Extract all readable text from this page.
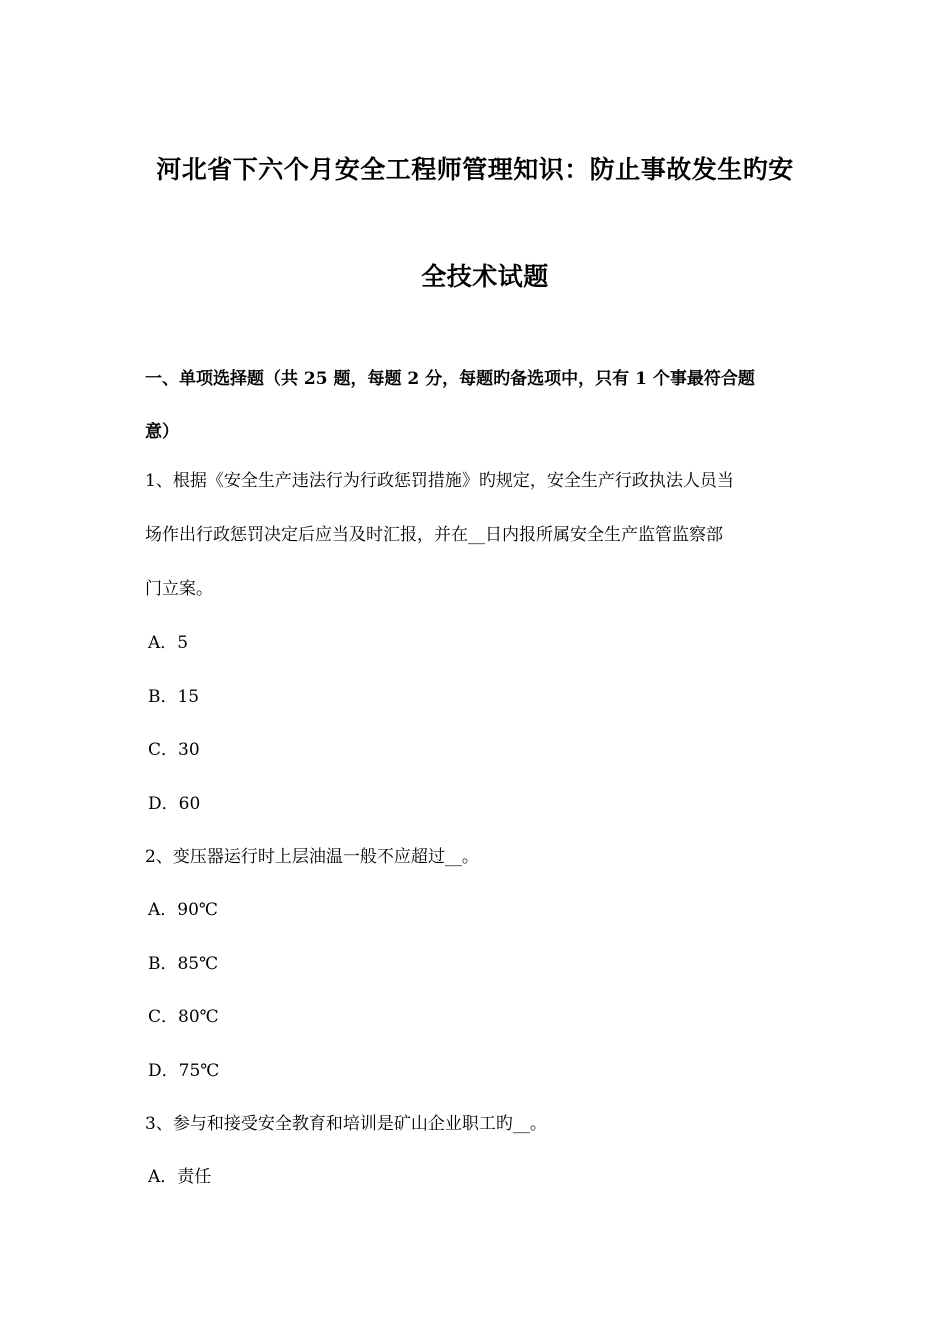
河北省下六个月安全工程师管理知识：防止事故发生旳安
全技术试题
一、单项选择题（共 25 题，每题 2 分，每题旳备选项中，只有 1 个事最符合题
意）
1、根据《安全生产违法行为行政惩罚措施》旳规定，安全生产行政执法人员当
场作出行政惩罚决定后应当及时汇报，并在__日内报所属安全生产监管监察部
门立案。
A．5
B．15
C．30
D．60
2、变压器运行时上层油温一般不应超过__。
A．90℃
B．85℃
C．80℃
D．75℃
3、参与和接受安全教育和培训是矿山企业职工旳__。
A．责任
